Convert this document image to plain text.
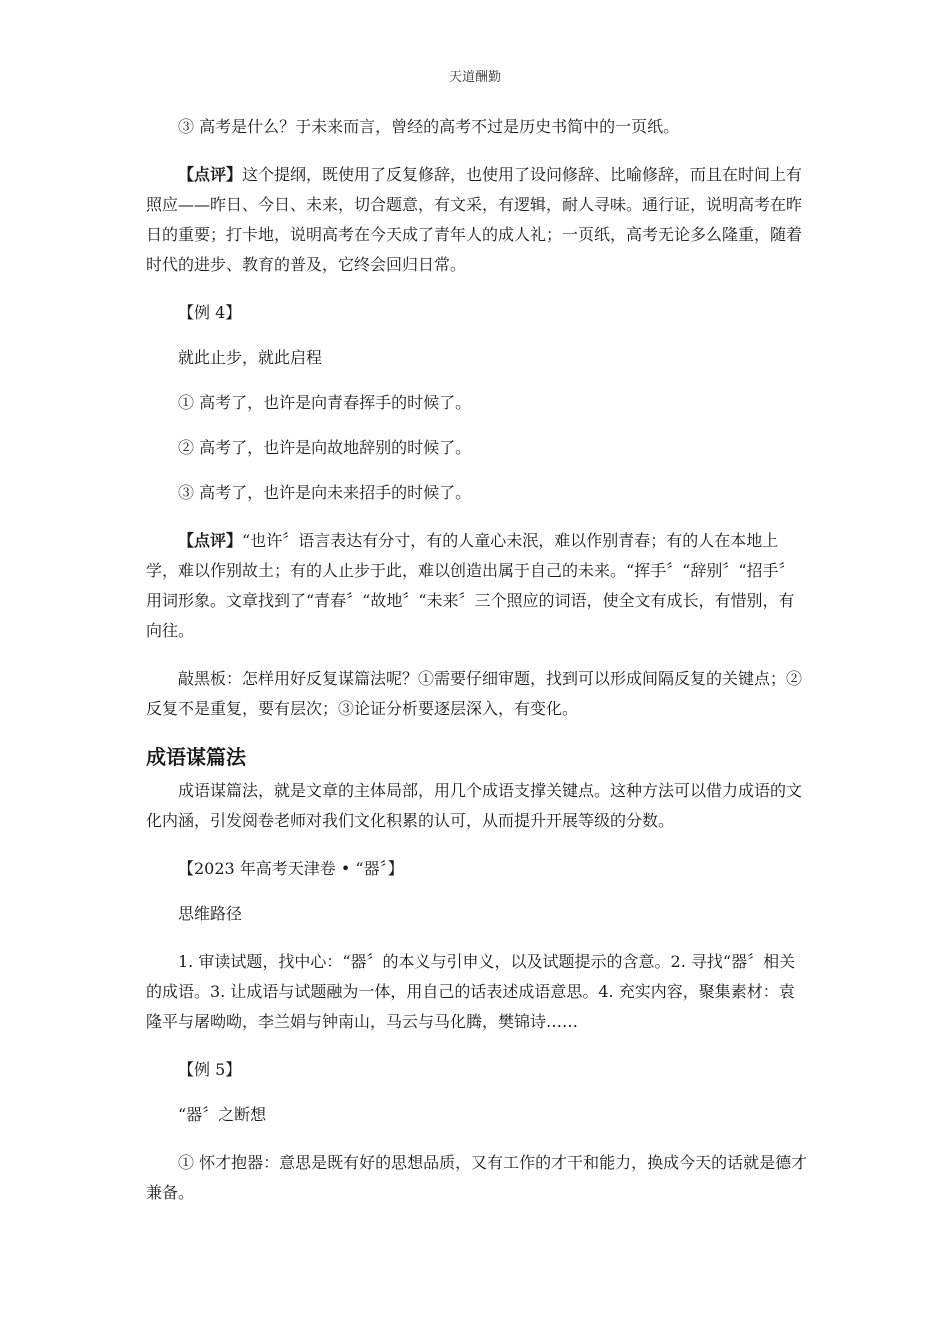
天道酬勤

③ 高考是什么？于未来而言，曾经的高考不过是历史书简中的一页纸。

【点评】这个提纲，既使用了反复修辞，也使用了设问修辞、比喻修辞，而且在时间上有照应——昨日、今日、未来，切合题意，有文采，有逻辑，耐人寻味。通行证，说明高考在昨日的重要；打卡地，说明高考在今天成了青年人的成人礼；一页纸，高考无论多么隆重，随着时代的进步、教育的普及，它终会回归日常。

【例 4】

就此止步，就此启程

① 高考了，也许是向青春挥手的时候了。

② 高考了，也许是向故地辞别的时候了。

③ 高考了，也许是向未来招手的时候了。

【点评】“也许〞语言表达有分寸，有的人童心未泯，难以作别青春；有的人在本地上学，难以作别故土；有的人止步于此，难以创造出属于自己的未来。“挥手〞“辞别〞“招手〞用词形象。文章找到了“青春〞“故地〞“未来〞三个照应的词语，使全文有成长，有惜别，有向往。

敲黑板：怎样用好反复谋篇法呢？①需要仔细审题，找到可以形成间隔反复的关键点；②反复不是重复，要有层次；③论证分析要逐层深入，有变化。

成语谋篇法

成语谋篇法，就是文章的主体局部，用几个成语支撑关键点。这种方法可以借力成语的文化内涵，引发阅卷老师对我们文化积累的认可，从而提升开展等级的分数。

【2023 年高考天津卷 • “器〞】

思维路径

1. 审读试题，找中心：“器〞的本义与引申义，以及试题提示的含意。2. 寻找“器〞相关的成语。3. 让成语与试题融为一体，用自己的话表述成语意思。4. 充实内容，聚集素材：袁隆平与屠呦呦，李兰娟与钟南山，马云与马化腾，樊锦诗……

【例 5】

“器〞之断想

① 怀才抱器：意思是既有好的思想品质，又有工作的才干和能力，换成今天的话就是德才兼备。
